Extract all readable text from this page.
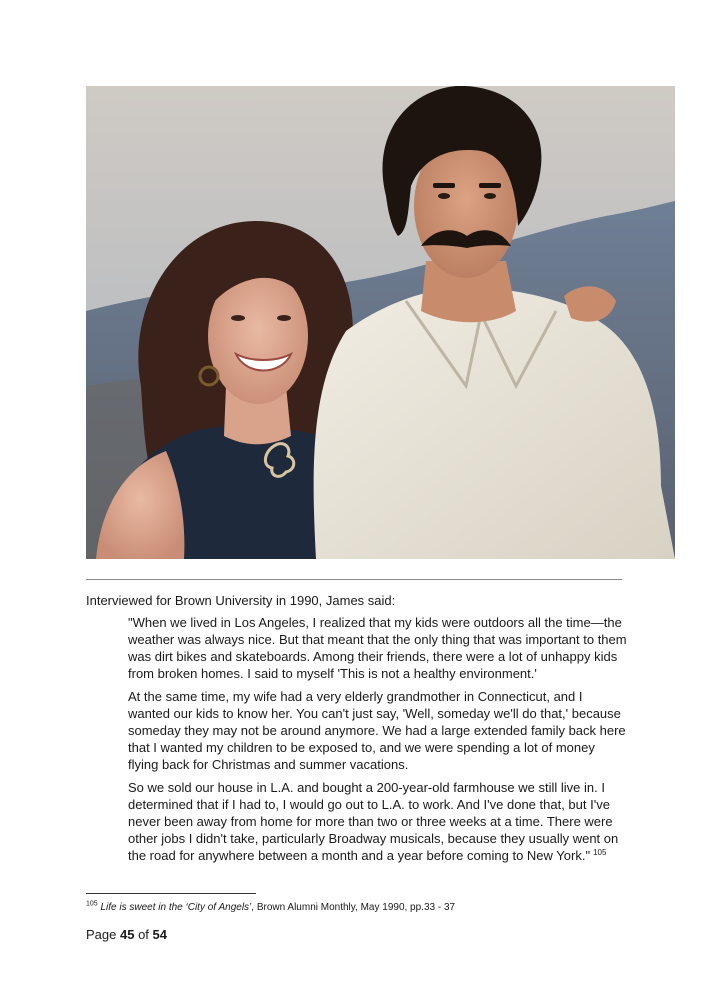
Interviewed for Brown University in 1990, James said:

"When we lived in Los Angeles, I realized that my kids were outdoors all the time—the weather was always nice. But that meant that the only thing that was important to them was dirt bikes and skateboards. Among their friends, there were a lot of unhappy kids from broken homes. I said to myself 'This is not a healthy environment.'

At the same time, my wife had a very elderly grandmother in Connecticut, and I wanted our kids to know her. You can't just say, 'Well, someday we'll do that,' because someday they may not be around anymore. We had a large extended family back here that I wanted my children to be exposed to, and we were spending a lot of money flying back for Christmas and summer vacations.

So we sold our house in L.A. and bought a 200-year-old farmhouse we still live in. I determined that if I had to, I would go out to L.A. to work. And I've done that, but I've never been away from home for more than two or three weeks at a time. There were other jobs I didn't take, particularly Broadway musicals, because they usually went on the road for anywhere between a month and a year before coming to New York." $^{105}$

$^{105}$ Life is sweet in the ‘City of Angels’, Brown Alumni Monthly, May 1990, pp.33 - 37

Page 45 of 54
